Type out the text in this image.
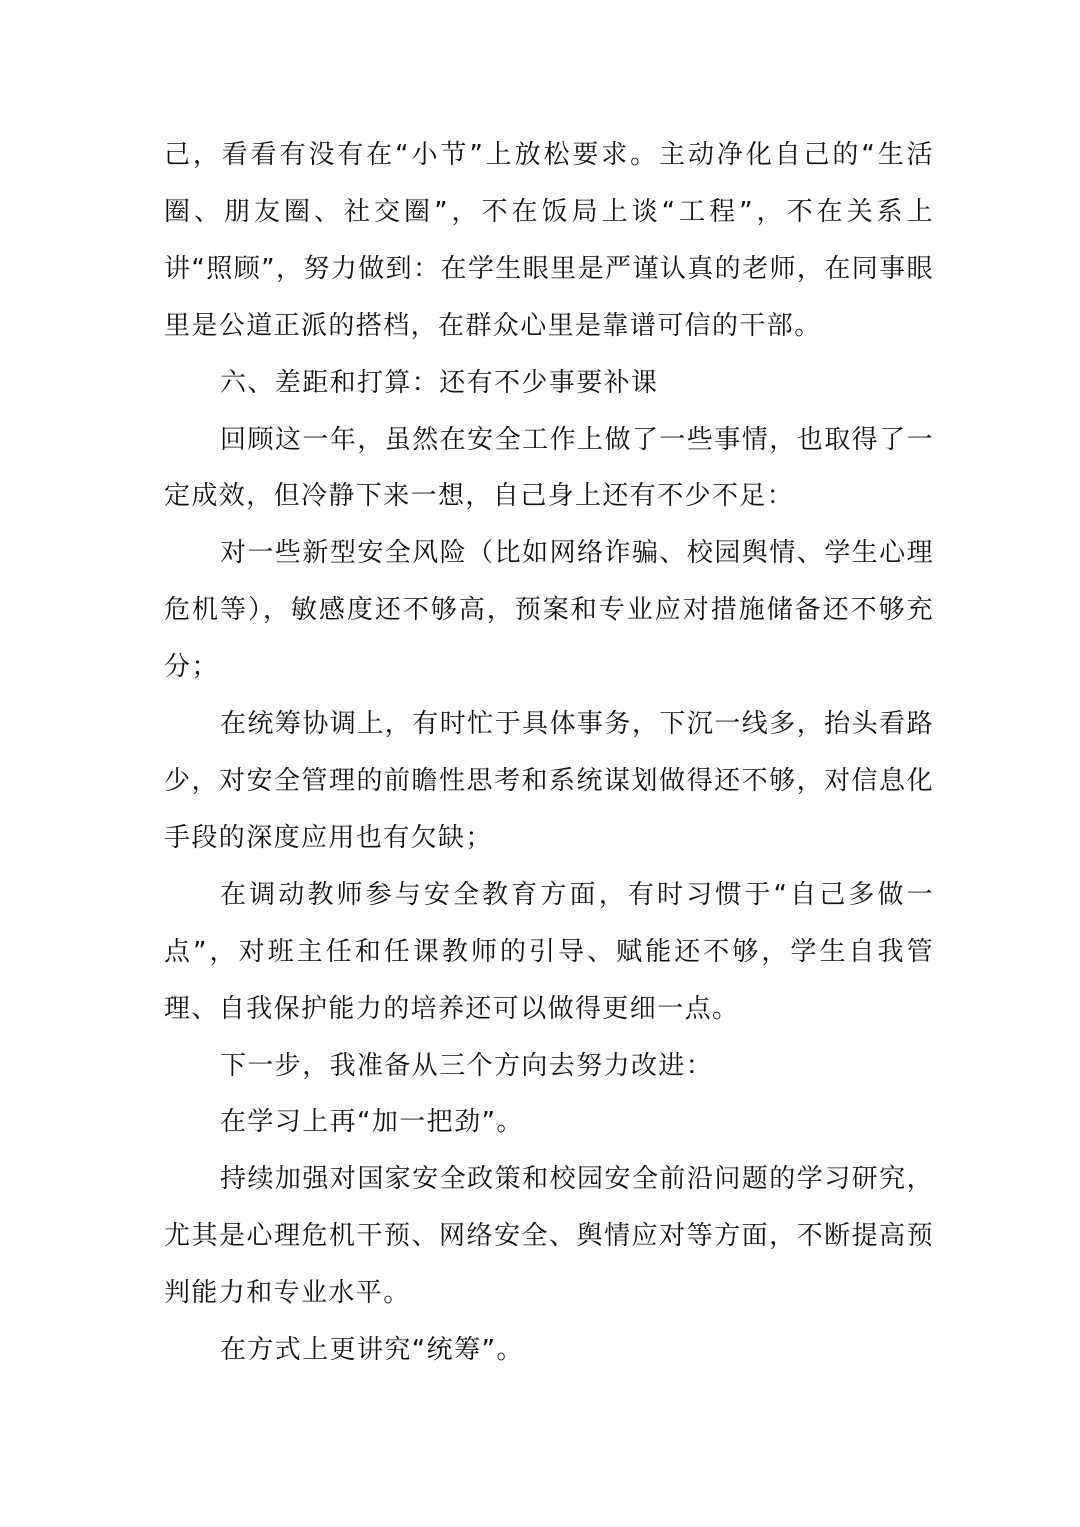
己，看看有没有在“小节”上放松要求。主动净化自己的“生活圈、朋友圈、社交圈”，不在饭局上谈“工程”，不在关系上讲“照顾”，努力做到：在学生眼里是严谨认真的老师，在同事眼里是公道正派的搭档，在群众心里是靠谱可信的干部。

六、差距和打算：还有不少事要补课

回顾这一年，虽然在安全工作上做了一些事情，也取得了一定成效，但冷静下来一想，自己身上还有不少不足：

对一些新型安全风险（比如网络诈骗、校园舆情、学生心理危机等），敏感度还不够高，预案和专业应对措施储备还不够充分；

在统筹协调上，有时忙于具体事务，下沉一线多，抬头看路少，对安全管理的前瞻性思考和系统谋划做得还不够，对信息化手段的深度应用也有欠缺；

在调动教师参与安全教育方面，有时习惯于“自己多做一点”，对班主任和任课教师的引导、赋能还不够，学生自我管理、自我保护能力的培养还可以做得更细一点。

下一步，我准备从三个方向去努力改进：

在学习上再“加一把劲”。

持续加强对国家安全政策和校园安全前沿问题的学习研究，尤其是心理危机干预、网络安全、舆情应对等方面，不断提高预判能力和专业水平。

在方式上更讲究“统筹”。
